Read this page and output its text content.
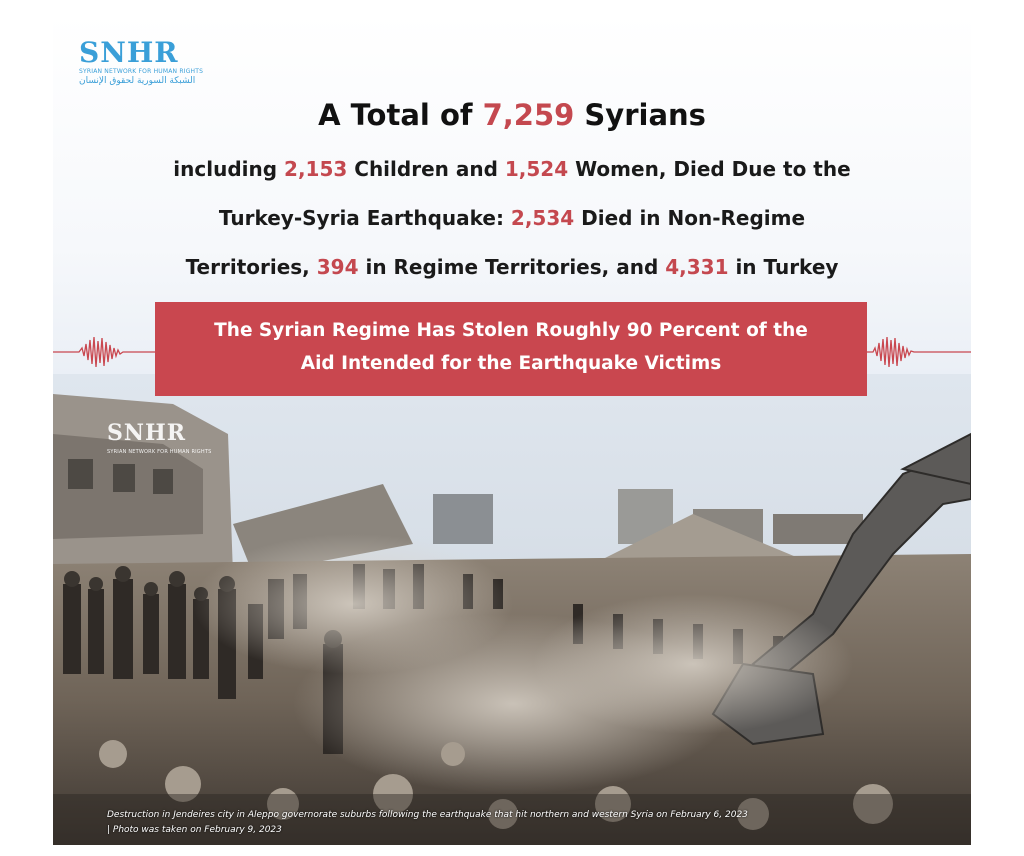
SNHR
SYRIAN NETWORK FOR HUMAN RIGHTS
الشبكة السورية لحقوق الإنسان
A Total of 7,259 Syrians
including 2,153 Children and 1,524 Women, Died Due to the
Turkey-Syria Earthquake: 2,534 Died in Non-Regime
Territories, 394 in Regime Territories, and 4,331 in Turkey
SNHR
SYRIAN NETWORK FOR HUMAN RIGHTS
The Syrian Regime Has Stolen Roughly 90 Percent of the
Aid Intended for the Earthquake Victims
Destruction in Jendeires city in Aleppo governorate suburbs following the earthquake that hit northern and western Syria on February 6, 2023
| Photo was taken on February 9, 2023
